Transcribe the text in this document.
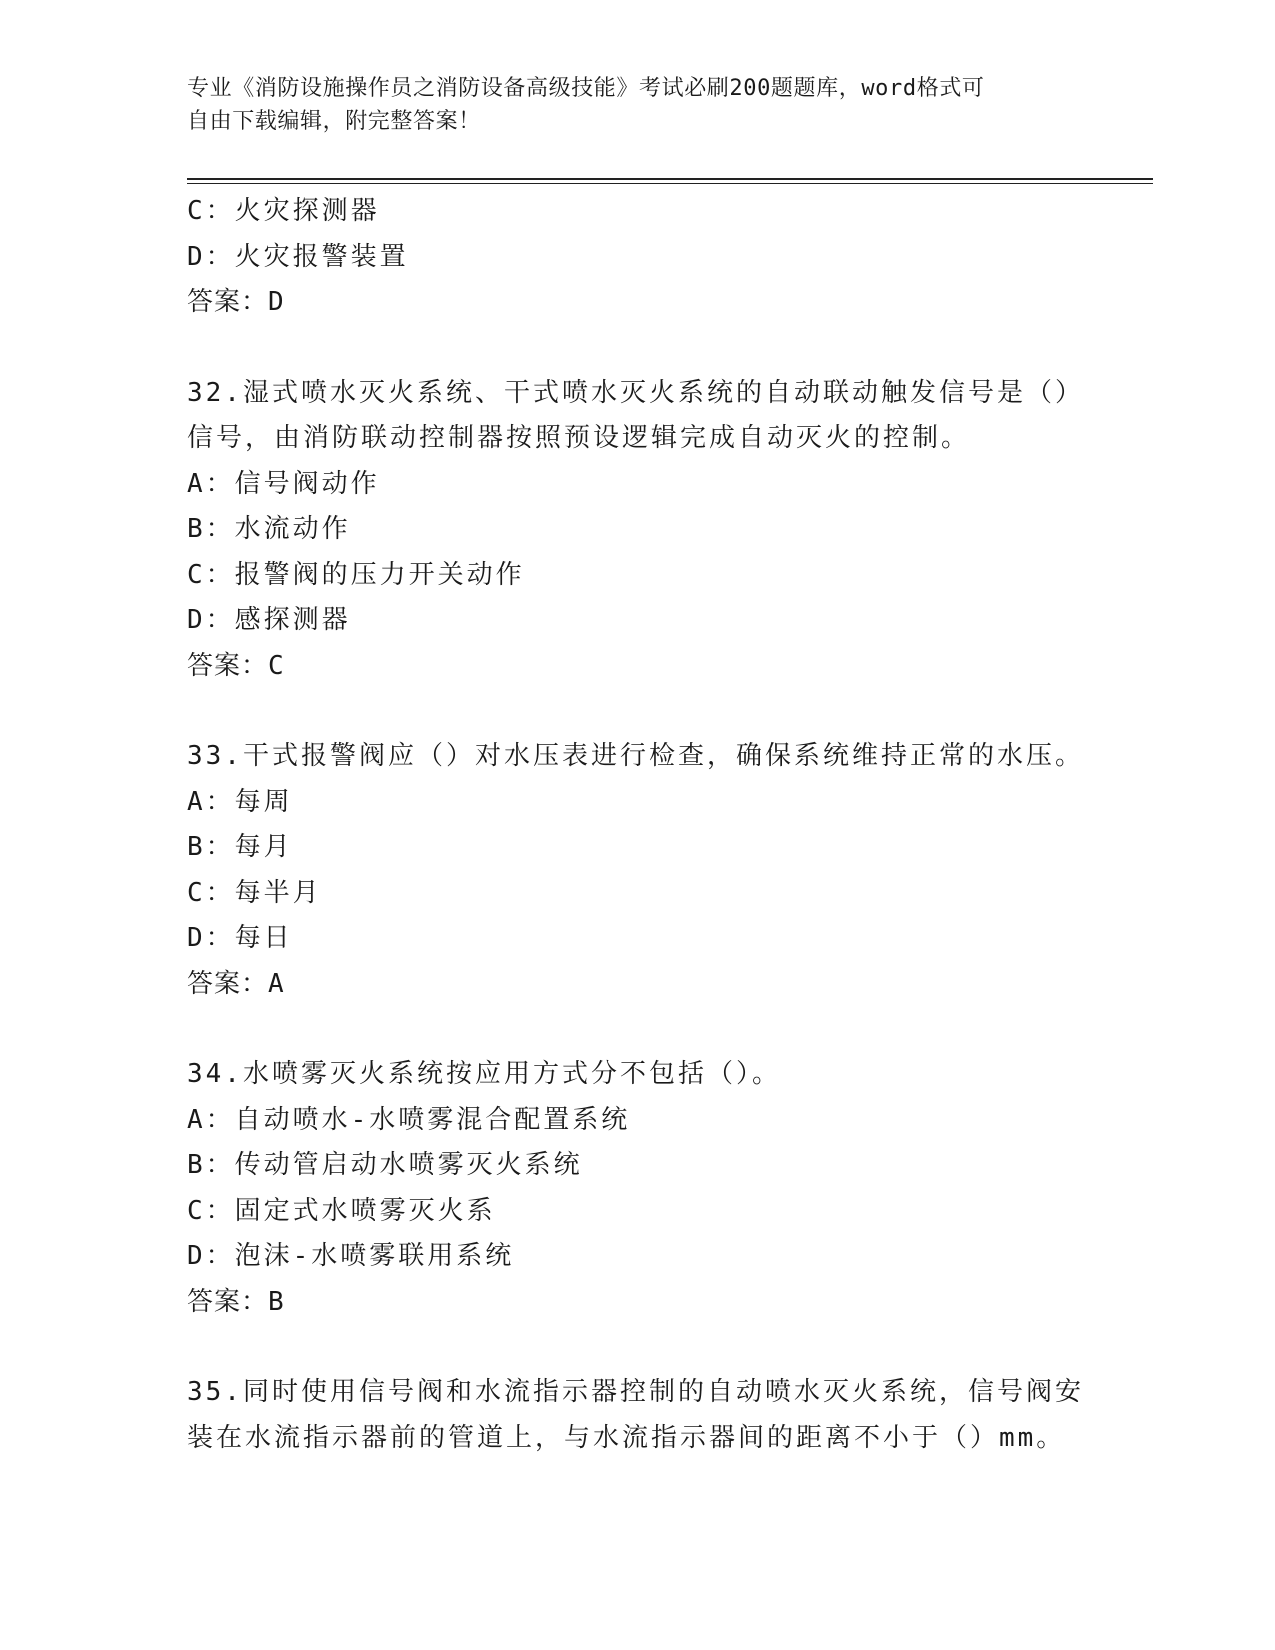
专业《消防设施操作员之消防设备高级技能》考试必刷200题题库，word格式可
自由下载编辑，附完整答案！
C：火灾探测器
D：火灾报警装置
答案：D
32.湿式喷水灭火系统、干式喷水灭火系统的自动联动触发信号是（）
信号，由消防联动控制器按照预设逻辑完成自动灭火的控制。
A：信号阀动作
B：水流动作
C：报警阀的压力开关动作
D：感探测器
答案：C
33.干式报警阀应（）对水压表进行检查，确保系统维持正常的水压。
A：每周
B：每月
C：每半月
D：每日
答案：A
34.水喷雾灭火系统按应用方式分不包括（）。
A：自动喷水-水喷雾混合配置系统
B：传动管启动水喷雾灭火系统
C：固定式水喷雾灭火系
D：泡沫-水喷雾联用系统
答案：B
35.同时使用信号阀和水流指示器控制的自动喷水灭火系统，信号阀安
装在水流指示器前的管道上，与水流指示器间的距离不小于（）mm。
